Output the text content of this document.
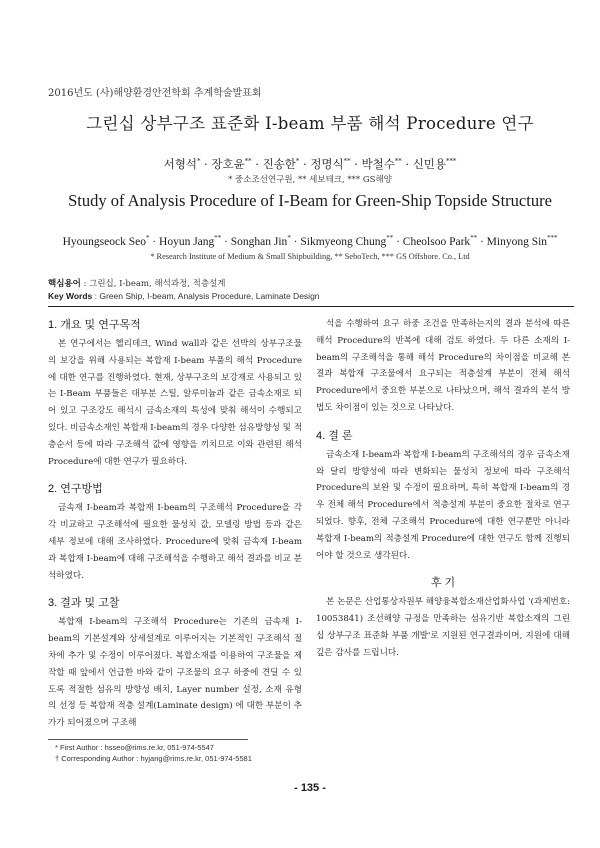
2016년도 (사)해양환경안전학회 추계학술발표회
그린십 상부구조 표준화 I-beam 부품 해석 Procedure 연구
서형석* · 장호윤** · 진송한* · 정명식** · 박철수** · 신민용***
* 중소조선연구원, ** 세보테크, *** GS해양
Study of Analysis Procedure of I-Beam for Green-Ship Topside Structure
Hyoungseock Seo* · Hoyun Jang** · Songhan Jin* · Sikmyeong Chung** · Cheolsoo Park** · Minyong Sin***
* Research Institute of Medium & Small Shipbuilding, ** SeboTech, *** GS Offshore. Co., Ltd
핵심용어 : 그린십, I-beam, 해석과정, 적층설계
Key Words : Green Ship, I-beam, Analysis Procedure, Laminate Design
1. 개요 및 연구목적

본 연구에서는 헬리데크, Wind wall과 같은 선박의 상부구조물의 보강을 위해 사용되는 복합재 I-beam 부품의 해석 Procedure에 대한 연구를 진행하였다. 현재, 상부구조의 보강재로 사용되고 있는 I-Beam 부품들은 대부분 스틸, 알루미늄과 같은 금속소재로 되어 있고 구조강도 해석시 금속소재의 특성에 맞춰 해석이 수행되고 있다. 비금속소재인 복합재 I-beam의 경우 다양한 섬유방향성 및 적층순서 등에 따라 구조해석 값에 영향을 끼치므로 이와 관련된 해석 Procedure에 대한 연구가 필요하다.

2. 연구방법

금속재 I-beam과 복합재 I-beam의 구조해석 Procedure을 각각 비교하고 구조해석에 필요한 물성치 값, 모델링 방법 등과 같은 세부 정보에 대해 조사하였다. Procedure에 맞춰 금속재 I-beam과 복합재 I-beam에 대해 구조해석을 수행하고 해석 결과를 비교 분석하였다.

3. 결과 및 고찰

복합재 I-beam의 구조해석 Procedure는 기존의 금속재 I-beam의 기본설계와 상세설계로 이루어지는 기본적인 구조해석 절차에 추가 및 수정이 이루어졌다. 복합소재를 이용하여 구조물을 제작할 때 앞에서 언급한 바와 같이 구조물의 요구 하중에 견딜 수 있도록 적절한 섬유의 방향성 배치, Layer number 설정, 소재 유형의 선정 등 복합재 적층 설계(Laminate design) 에 대한 부분이 추가가 되어졌으며 구조해

석을 수행하여 요구 하중 조건을 만족하는지의 결과 분석에 따른 해석 Procedure의 반복에 대해 검토 하였다. 두 다른 소재의 I-beam의 구조해석을 통해 해석 Procedure의 차이점을 비교해 본 결과 복합재 구조물에서 요구되는 적층설계 부분이 전체 해석 Procedure에서 중요한 부분으로 나타났으며, 해석 결과의 분석 방법도 차이점이 있는 것으로 나타났다.

4. 결 론

금속소재 I-beam과 복합재 I-beam의 구조해석의 경우 금속소재와 달리 방향성에 따라 변화되는 물성치 정보에 따라 구조해석 Procedure의 보완 및 수정이 필요하며, 특히 복합재 I-beam의 경우 전체 해석 Procedure에서 적층설계 부분이 중요한 절차로 연구되었다. 향후, 전체 구조해석 Procedure에 대한 연구뿐만 아니라 복합재 I-beam의 적층설계 Procedure에 대한 연구도 함께 진행되어야 할 것으로 생각된다.

후 기

본 논문은 산업통상자원부 해양융복합소재산업화사업 '(과제번호: 10053841) 조선해양 규정을 만족하는 섬유기반 복합소재의 그린십 상부구조 표준화 부품 개발'로 지원된 연구결과이며, 지원에 대해 깊은 감사를 드립니다.

* First Author : hsseo@rims.re.kr, 051-974-5547
† Corresponding Author : hyjang@rims.re.kr, 051-974-5581
- 135 -
